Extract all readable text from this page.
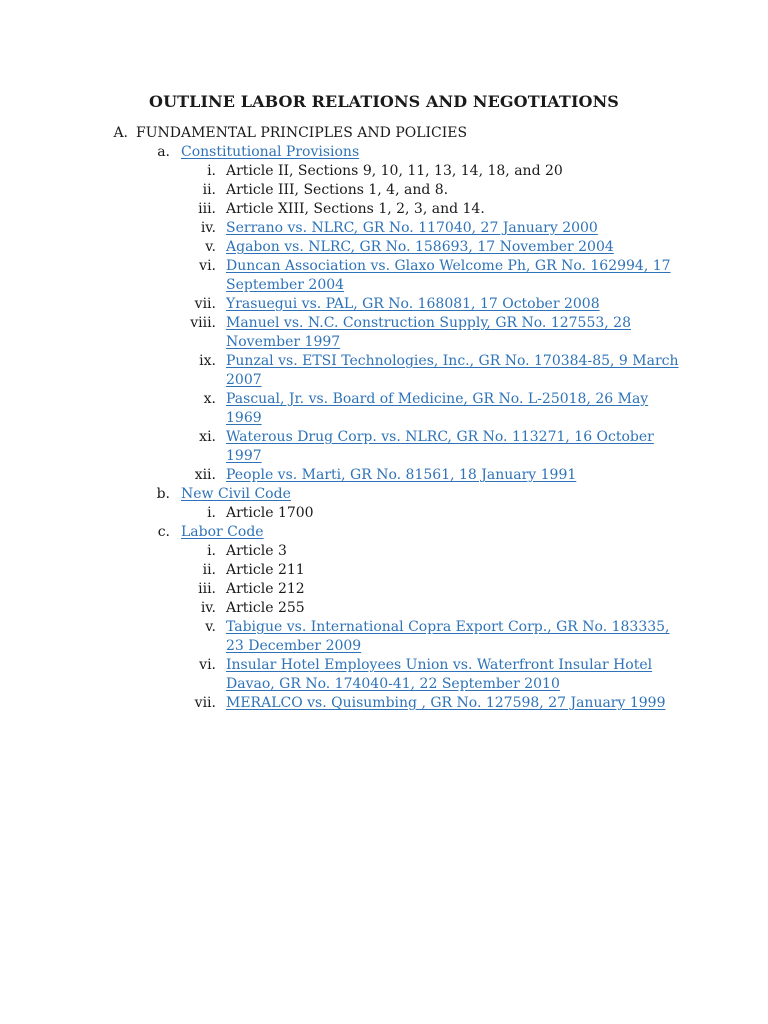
OUTLINE LABOR RELATIONS AND NEGOTIATIONS
A. FUNDAMENTAL PRINCIPLES AND POLICIES
a. Constitutional Provisions
i. Article II, Sections 9, 10, 11, 13, 14, 18, and 20
ii. Article III, Sections 1, 4, and 8.
iii. Article XIII, Sections 1, 2, 3, and 14.
iv. Serrano vs. NLRC, GR No. 117040, 27 January 2000
v. Agabon vs. NLRC, GR No. 158693, 17 November 2004
vi. Duncan Association vs. Glaxo Welcome Ph, GR No. 162994, 17 September 2004
vii. Yrasuegui vs. PAL, GR No. 168081, 17 October 2008
viii. Manuel vs. N.C. Construction Supply, GR No. 127553, 28 November 1997
ix. Punzal vs. ETSI Technologies, Inc., GR No. 170384-85, 9 March 2007
x. Pascual, Jr. vs. Board of Medicine, GR No. L-25018, 26 May 1969
xi. Waterous Drug Corp. vs. NLRC, GR No. 113271, 16 October 1997
xii. People vs. Marti, GR No. 81561, 18 January 1991
b. New Civil Code
i. Article 1700
c. Labor Code
i. Article 3
ii. Article 211
iii. Article 212
iv. Article 255
v. Tabigue vs. International Copra Export Corp., GR No. 183335, 23 December 2009
vi. Insular Hotel Employees Union vs. Waterfront Insular Hotel Davao, GR No. 174040-41, 22 September 2010
vii. MERALCO vs. Quisumbing , GR No. 127598, 27 January 1999
